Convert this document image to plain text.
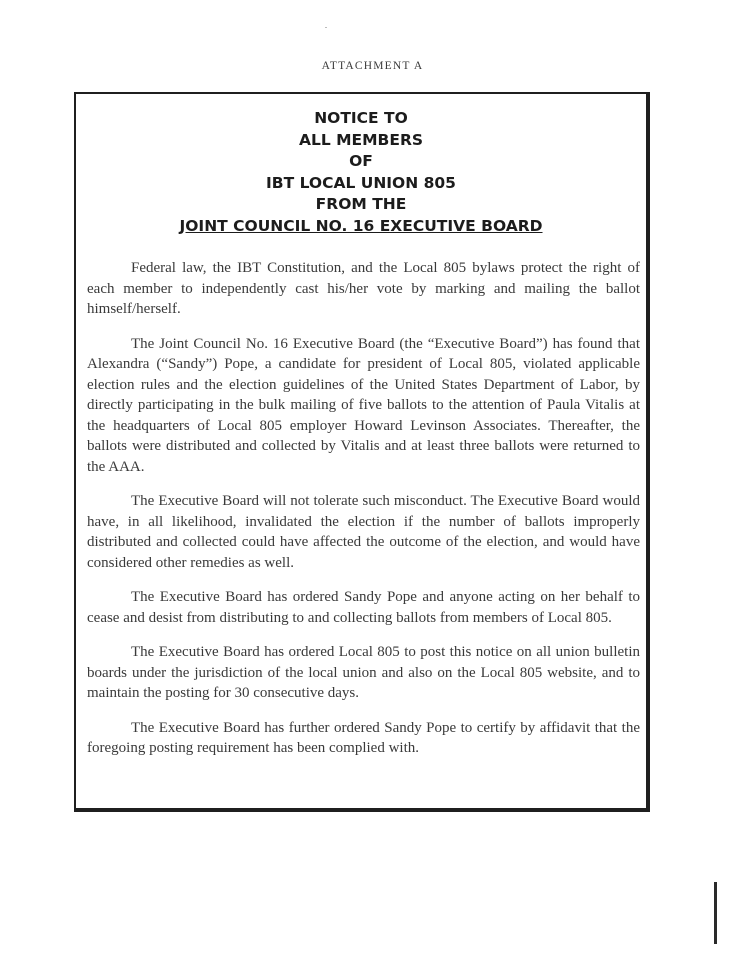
ATTACHMENT A
NOTICE TO
ALL MEMBERS
OF
IBT LOCAL UNION 805
FROM THE
JOINT COUNCIL NO. 16 EXECUTIVE BOARD

Federal law, the IBT Constitution, and the Local 805 bylaws protect the right of each member to independently cast his/her vote by marking and mailing the ballot himself/herself.

The Joint Council No. 16 Executive Board (the “Executive Board”) has found that Alexandra (“Sandy”) Pope, a candidate for president of Local 805, violated applicable election rules and the election guidelines of the United States Department of Labor, by directly participating in the bulk mailing of five ballots to the attention of Paula Vitalis at the headquarters of Local 805 employer Howard Levinson Associates. Thereafter, the ballots were distributed and collected by Vitalis and at least three ballots were returned to the AAA.

The Executive Board will not tolerate such misconduct. The Executive Board would have, in all likelihood, invalidated the election if the number of ballots improperly distributed and collected could have affected the outcome of the election, and would have considered other remedies as well.

The Executive Board has ordered Sandy Pope and anyone acting on her behalf to cease and desist from distributing to and collecting ballots from members of Local 805.

The Executive Board has ordered Local 805 to post this notice on all union bulletin boards under the jurisdiction of the local union and also on the Local 805 website, and to maintain the posting for 30 consecutive days.

The Executive Board has further ordered Sandy Pope to certify by affidavit that the foregoing posting requirement has been complied with.
